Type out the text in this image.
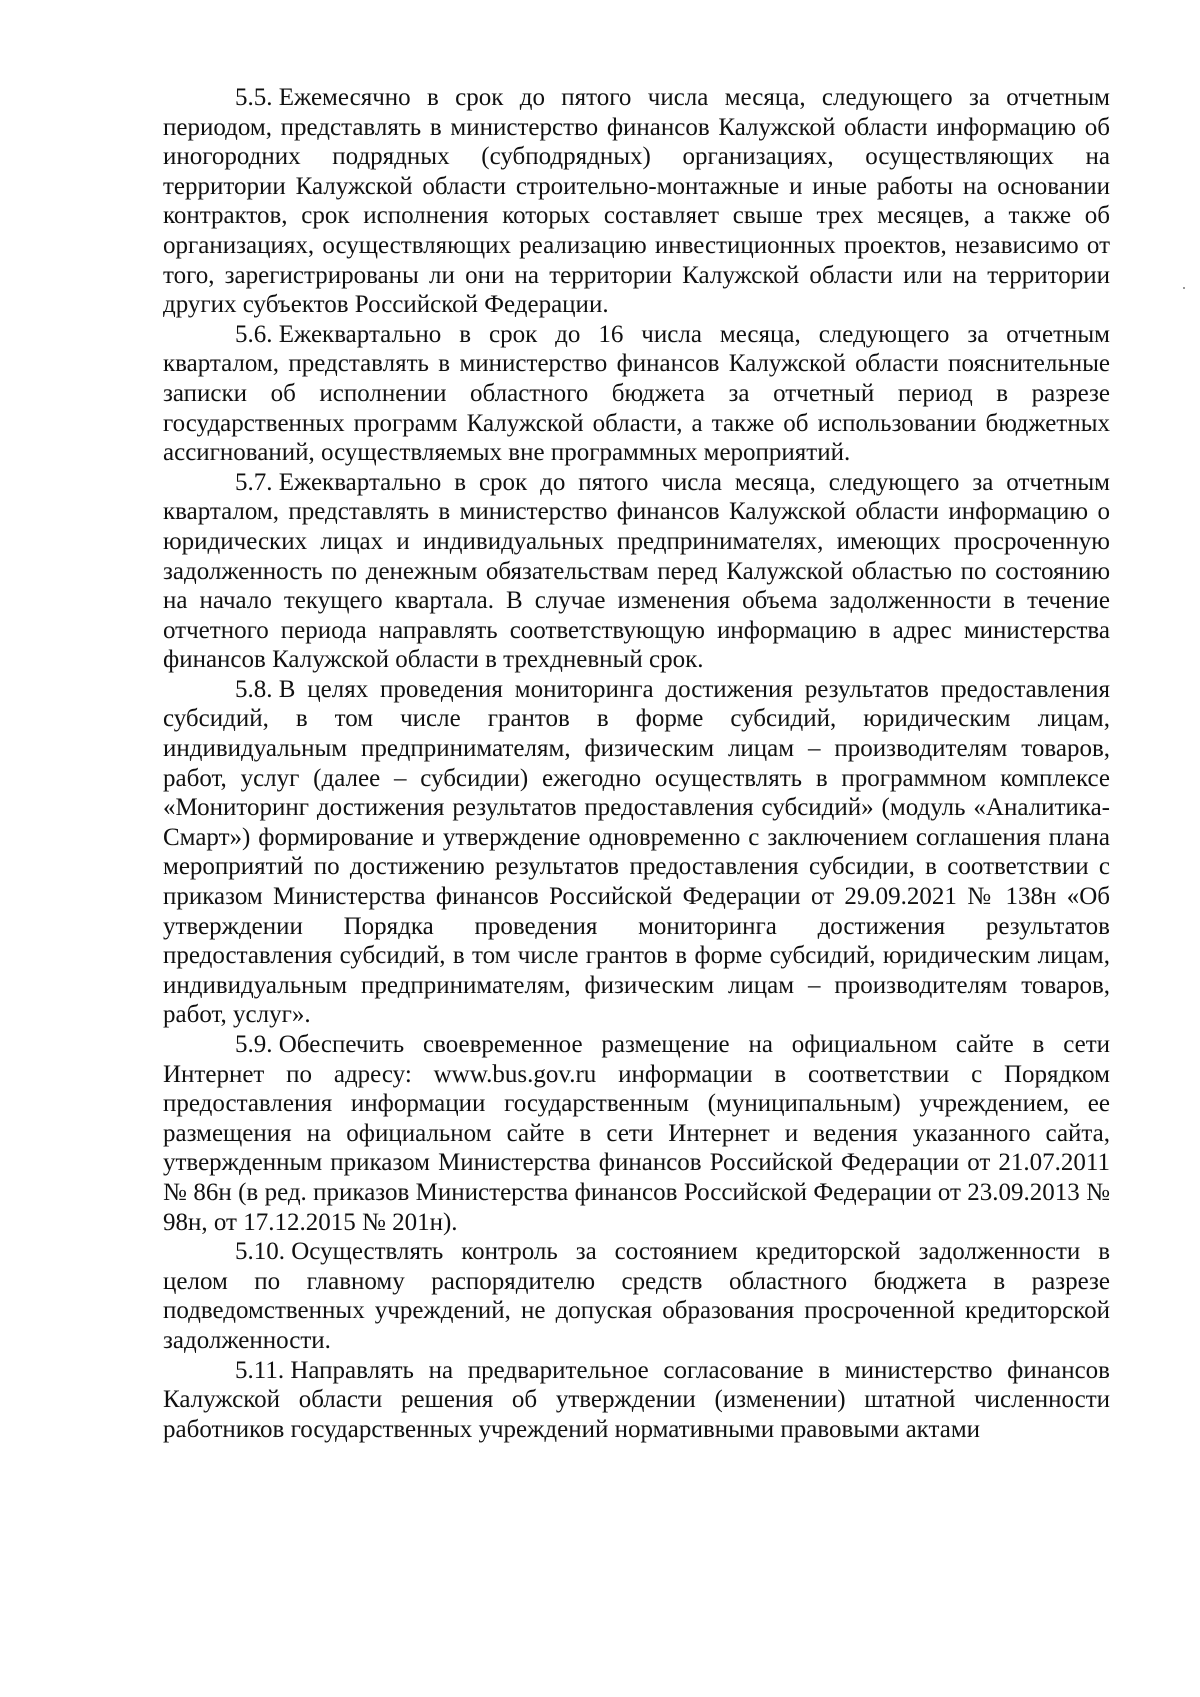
5.5. Ежемесячно в срок до пятого числа месяца, следующего за отчетным периодом, представлять в министерство финансов Калужской области информацию об иногородних подрядных (субподрядных) организациях, осуществляющих на территории Калужской области строительно-монтажные и иные работы на основании контрактов, срок исполнения которых составляет свыше трех месяцев, а также об организациях, осуществляющих реализацию инвестиционных проектов, независимо от того, зарегистрированы ли они на территории Калужской области или на территории других субъектов Российской Федерации.

5.6. Ежеквартально в срок до 16 числа месяца, следующего за отчетным кварталом, представлять в министерство финансов Калужской области пояснительные записки об исполнении областного бюджета за отчетный период в разрезе государственных программ Калужской области, а также об использовании бюджетных ассигнований, осуществляемых вне программных мероприятий.

5.7. Ежеквартально в срок до пятого числа месяца, следующего за отчетным кварталом, представлять в министерство финансов Калужской области информацию о юридических лицах и индивидуальных предпринимателях, имеющих просроченную задолженность по денежным обязательствам перед Калужской областью по состоянию на начало текущего квартала. В случае изменения объема задолженности в течение отчетного периода направлять соответствующую информацию в адрес министерства финансов Калужской области в трехдневный срок.

5.8. В целях проведения мониторинга достижения результатов предоставления субсидий, в том числе грантов в форме субсидий, юридическим лицам, индивидуальным предпринимателям, физическим лицам – производителям товаров, работ, услуг (далее – субсидии) ежегодно осуществлять в программном комплексе «Мониторинг достижения результатов предоставления субсидий» (модуль «Аналитика-Смарт») формирование и утверждение одновременно с заключением соглашения плана мероприятий по достижению результатов предоставления субсидии, в соответствии с приказом Министерства финансов Российской Федерации от 29.09.2021 № 138н «Об утверждении Порядка проведения мониторинга достижения результатов предоставления субсидий, в том числе грантов в форме субсидий, юридическим лицам, индивидуальным предпринимателям, физическим лицам – производителям товаров, работ, услуг».

5.9. Обеспечить своевременное размещение на официальном сайте в сети Интернет по адресу: www.bus.gov.ru информации в соответствии с Порядком предоставления информации государственным (муниципальным) учреждением, ее размещения на официальном сайте в сети Интернет и ведения указанного сайта, утвержденным приказом Министерства финансов Российской Федерации от 21.07.2011 № 86н (в ред. приказов Министерства финансов Российской Федерации от 23.09.2013 № 98н, от 17.12.2015 № 201н).

5.10. Осуществлять контроль за состоянием кредиторской задолженности в целом по главному распорядителю средств областного бюджета в разрезе подведомственных учреждений, не допуская образования просроченной кредиторской задолженности.

5.11. Направлять на предварительное согласование в министерство финансов Калужской области решения об утверждении (изменении) штатной численности работников государственных учреждений нормативными правовыми актами
